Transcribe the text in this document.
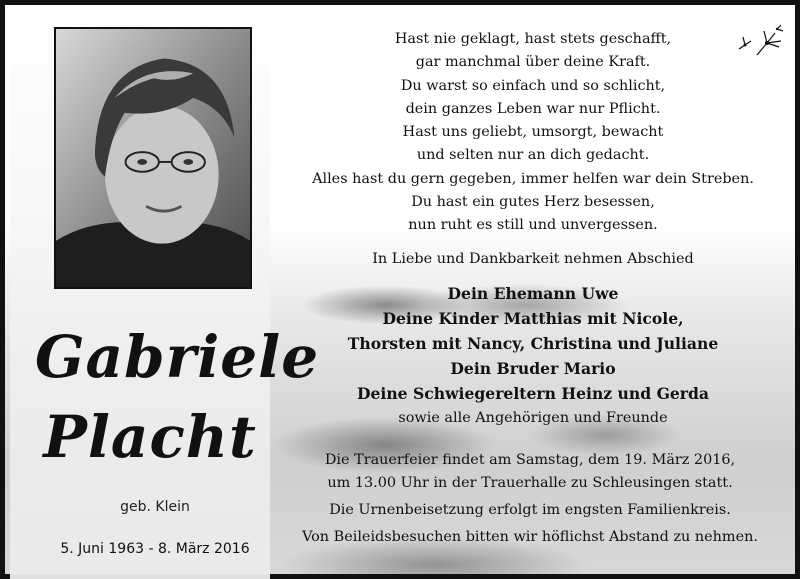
Gabriele
Placht
geb. Klein
5. Juni 1963 - 8. März 2016
Hast nie geklagt, hast stets geschafft,
gar manchmal über deine Kraft.
Du warst so einfach und so schlicht,
dein ganzes Leben war nur Pflicht.
Hast uns geliebt, umsorgt, bewacht
und selten nur an dich gedacht.
Alles hast du gern gegeben, immer helfen war dein Streben.
Du hast ein gutes Herz besessen,
nun ruht es still und unvergessen.
In Liebe und Dankbarkeit nehmen Abschied
Dein Ehemann Uwe
Deine Kinder Matthias mit Nicole,
Thorsten mit Nancy, Christina und Juliane
Dein Bruder Mario
Deine Schwiegereltern Heinz und Gerda
sowie alle Angehörigen und Freunde

Die Trauerfeier findet am Samstag, dem 19. März 2016,

um 13.00 Uhr in der Trauerhalle zu Schleusingen statt.

Die Urnenbeisetzung erfolgt im engsten Familienkreis.

Von Beileidsbesuchen bitten wir höflichst Abstand zu nehmen.
